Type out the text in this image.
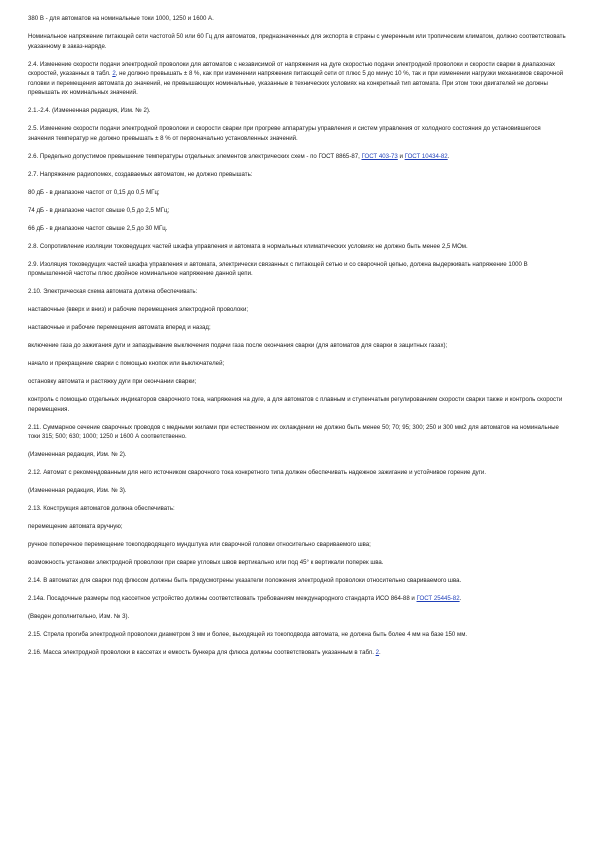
380 В - для автоматов на номинальные токи 1000, 1250 и 1600 А.

Номинальное напряжение питающей сети частотой 50 или 60 Гц для автоматов, предназначенных для экспорта в страны с умеренным или тропическим климатом, должно соответствовать указанному в заказ-наряде.

2.4. Изменение скорости подачи электродной проволоки для автоматов с независимой от напряжения на дуге скоростью подачи электродной проволоки и скорости сварки в диапазонах скоростей, указанных в табл. 2, не должно превышать ± 8 %, как при изменении напряжения питающей сети от плюс 5 до минус 10 %, так и при изменении нагрузки механизмов сварочной головки и перемещения автомата до значений, не превышающих номинальные, указанные в технических условиях на конкретный тип автомата. При этом токи двигателей не должны превышать их номинальных значений.

2.1.-2.4. (Измененная редакция, Изм. № 2).

2.5. Изменение скорости подачи электродной проволоки и скорости сварки при прогреве аппаратуры управления и систем управления от холодного состояния до установившегося значения температур не должно превышать ± 8 % от первоначально установленных значений.

2.6. Предельно допустимое превышение температуры отдельных элементов электрических схем - по ГОСТ 8865-87, ГОСТ 403-73 и ГОСТ 10434-82.

2.7. Напряжение радиопомех, создаваемых автоматом, не должно превышать:

80 дБ - в диапазоне частот от 0,15 до 0,5 МГц;

74 дБ - в диапазоне частот свыше 0,5 до 2,5 МГц;

66 дБ - в диапазоне частот свыше 2,5 до 30 МГц.

2.8. Сопротивление изоляции токоведущих частей шкафа управления и автомата в нормальных климатических условиях не должно быть менее 2,5 МОм.

2.9. Изоляция токоведущих частей шкафа управления и автомата, электрически связанных с питающей сетью и со сварочной цепью, должна выдерживать напряжение 1000 В промышленной частоты плюс двойное номинальное напряжение данной цепи.

2.10. Электрическая схема автомата должна обеспечивать:

наставочные (вверх и вниз) и рабочие перемещения электродной проволоки;

наставочные и рабочие перемещения автомата вперед и назад;

включение газа до зажигания дуги и запаздывание выключения подачи газа после окончания сварки (для автоматов для сварки в защитных газах);

начало и прекращение сварки с помощью кнопок или выключателей;

остановку автомата и растяжку дуги при окончании сварки;

контроль с помощью отдельных индикаторов сварочного тока, напряжения на дуге, а для автоматов с плавным и ступенчатым регулированием скорости сварки также и контроль скорости перемещения.

2.11. Суммарное сечение сварочных проводов с медными жилами при естественном их охлаждении не должно быть менее 50; 70; 95; 300; 250 и 300 мм2 для автоматов на номинальные токи 315; 500; 630; 1000; 1250 и 1600 А соответственно.

(Измененная редакция, Изм. № 2).

2.12. Автомат с рекомендованным для него источником сварочного тока конкретного типа должен обеспечивать надежное зажигание и устойчивое горение дуги.

(Измененная редакция, Изм. № 3).

2.13. Конструкция автоматов должна обеспечивать:

перемещение автомата вручную;

ручное поперечное перемещение токоподводящего мундштука или сварочной головки относительно свариваемого шва;

возможность установки электродной проволоки при сварке угловых швов вертикально или под 45° к вертикали поперек шва.

2.14. В автоматах для сварки под флюсом должны быть предусмотрены указатели положения электродной проволоки относительно свариваемого шва.

2.14а. Посадочные размеры под кассетное устройство должны соответствовать требованиям международного стандарта ИСО 864-88 и ГОСТ 25445-82.

(Введен дополнительно, Изм. № 3).

2.15. Стрела прогиба электродной проволоки диаметром 3 мм и более, выходящей из токоподвода автомата, не должна быть более 4 мм на базе 150 мм.

2.16. Масса электродной проволоки в кассетах и емкость бункера для флюса должны соответствовать указанным в табл. 2.
